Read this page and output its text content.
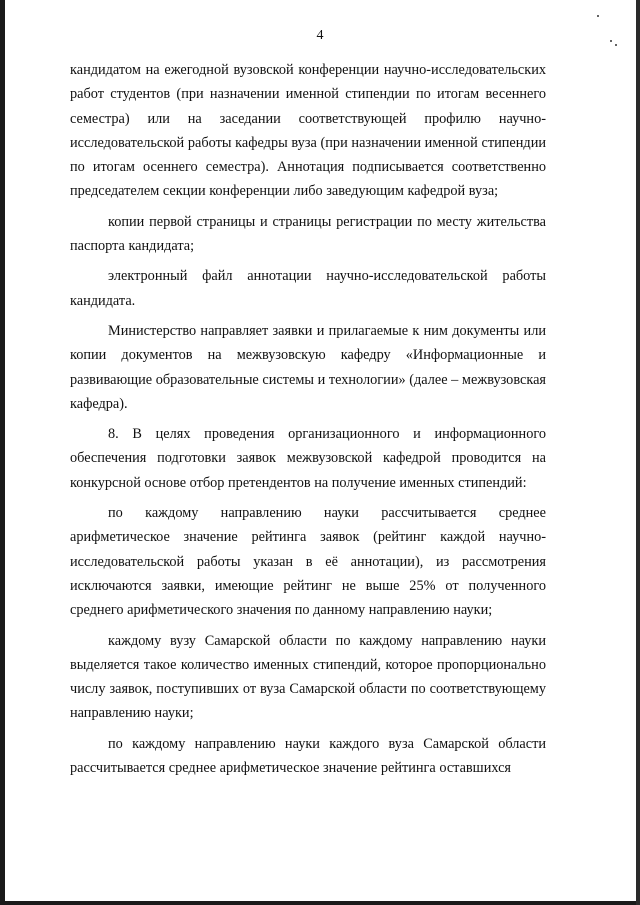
4

кандидатом на ежегодной вузовской конференции научно-исследовательских работ студентов (при назначении именной стипендии по итогам весеннего семестра) или на заседании соответствующей профилю научно-исследовательской работы кафедры вуза (при назначении именной стипендии по итогам осеннего семестра). Аннотация подписывается соответственно председателем секции конференции либо заведующим кафедрой вуза;

копии первой страницы и страницы регистрации по месту жительства паспорта кандидата;

электронный файл аннотации научно-исследовательской работы кандидата.

Министерство направляет заявки и прилагаемые к ним документы или копии документов на межвузовскую кафедру «Информационные и развивающие образовательные системы и технологии» (далее – межвузовская кафедра).

8. В целях проведения организационного и информационного обеспечения подготовки заявок межвузовской кафедрой проводится на конкурсной основе отбор претендентов на получение именных стипендий:

по каждому направлению науки рассчитывается среднее арифметическое значение рейтинга заявок (рейтинг каждой научно-исследовательской работы указан в её аннотации), из рассмотрения исключаются заявки, имеющие рейтинг не выше 25% от полученного среднего арифметического значения по данному направлению науки;

каждому вузу Самарской области по каждому направлению науки выделяется такое количество именных стипендий, которое пропорционально числу заявок, поступивших от вуза Самарской области по соответствующему направлению науки;

по каждому направлению науки каждого вуза Самарской области рассчитывается среднее арифметическое значение рейтинга оставшихся
